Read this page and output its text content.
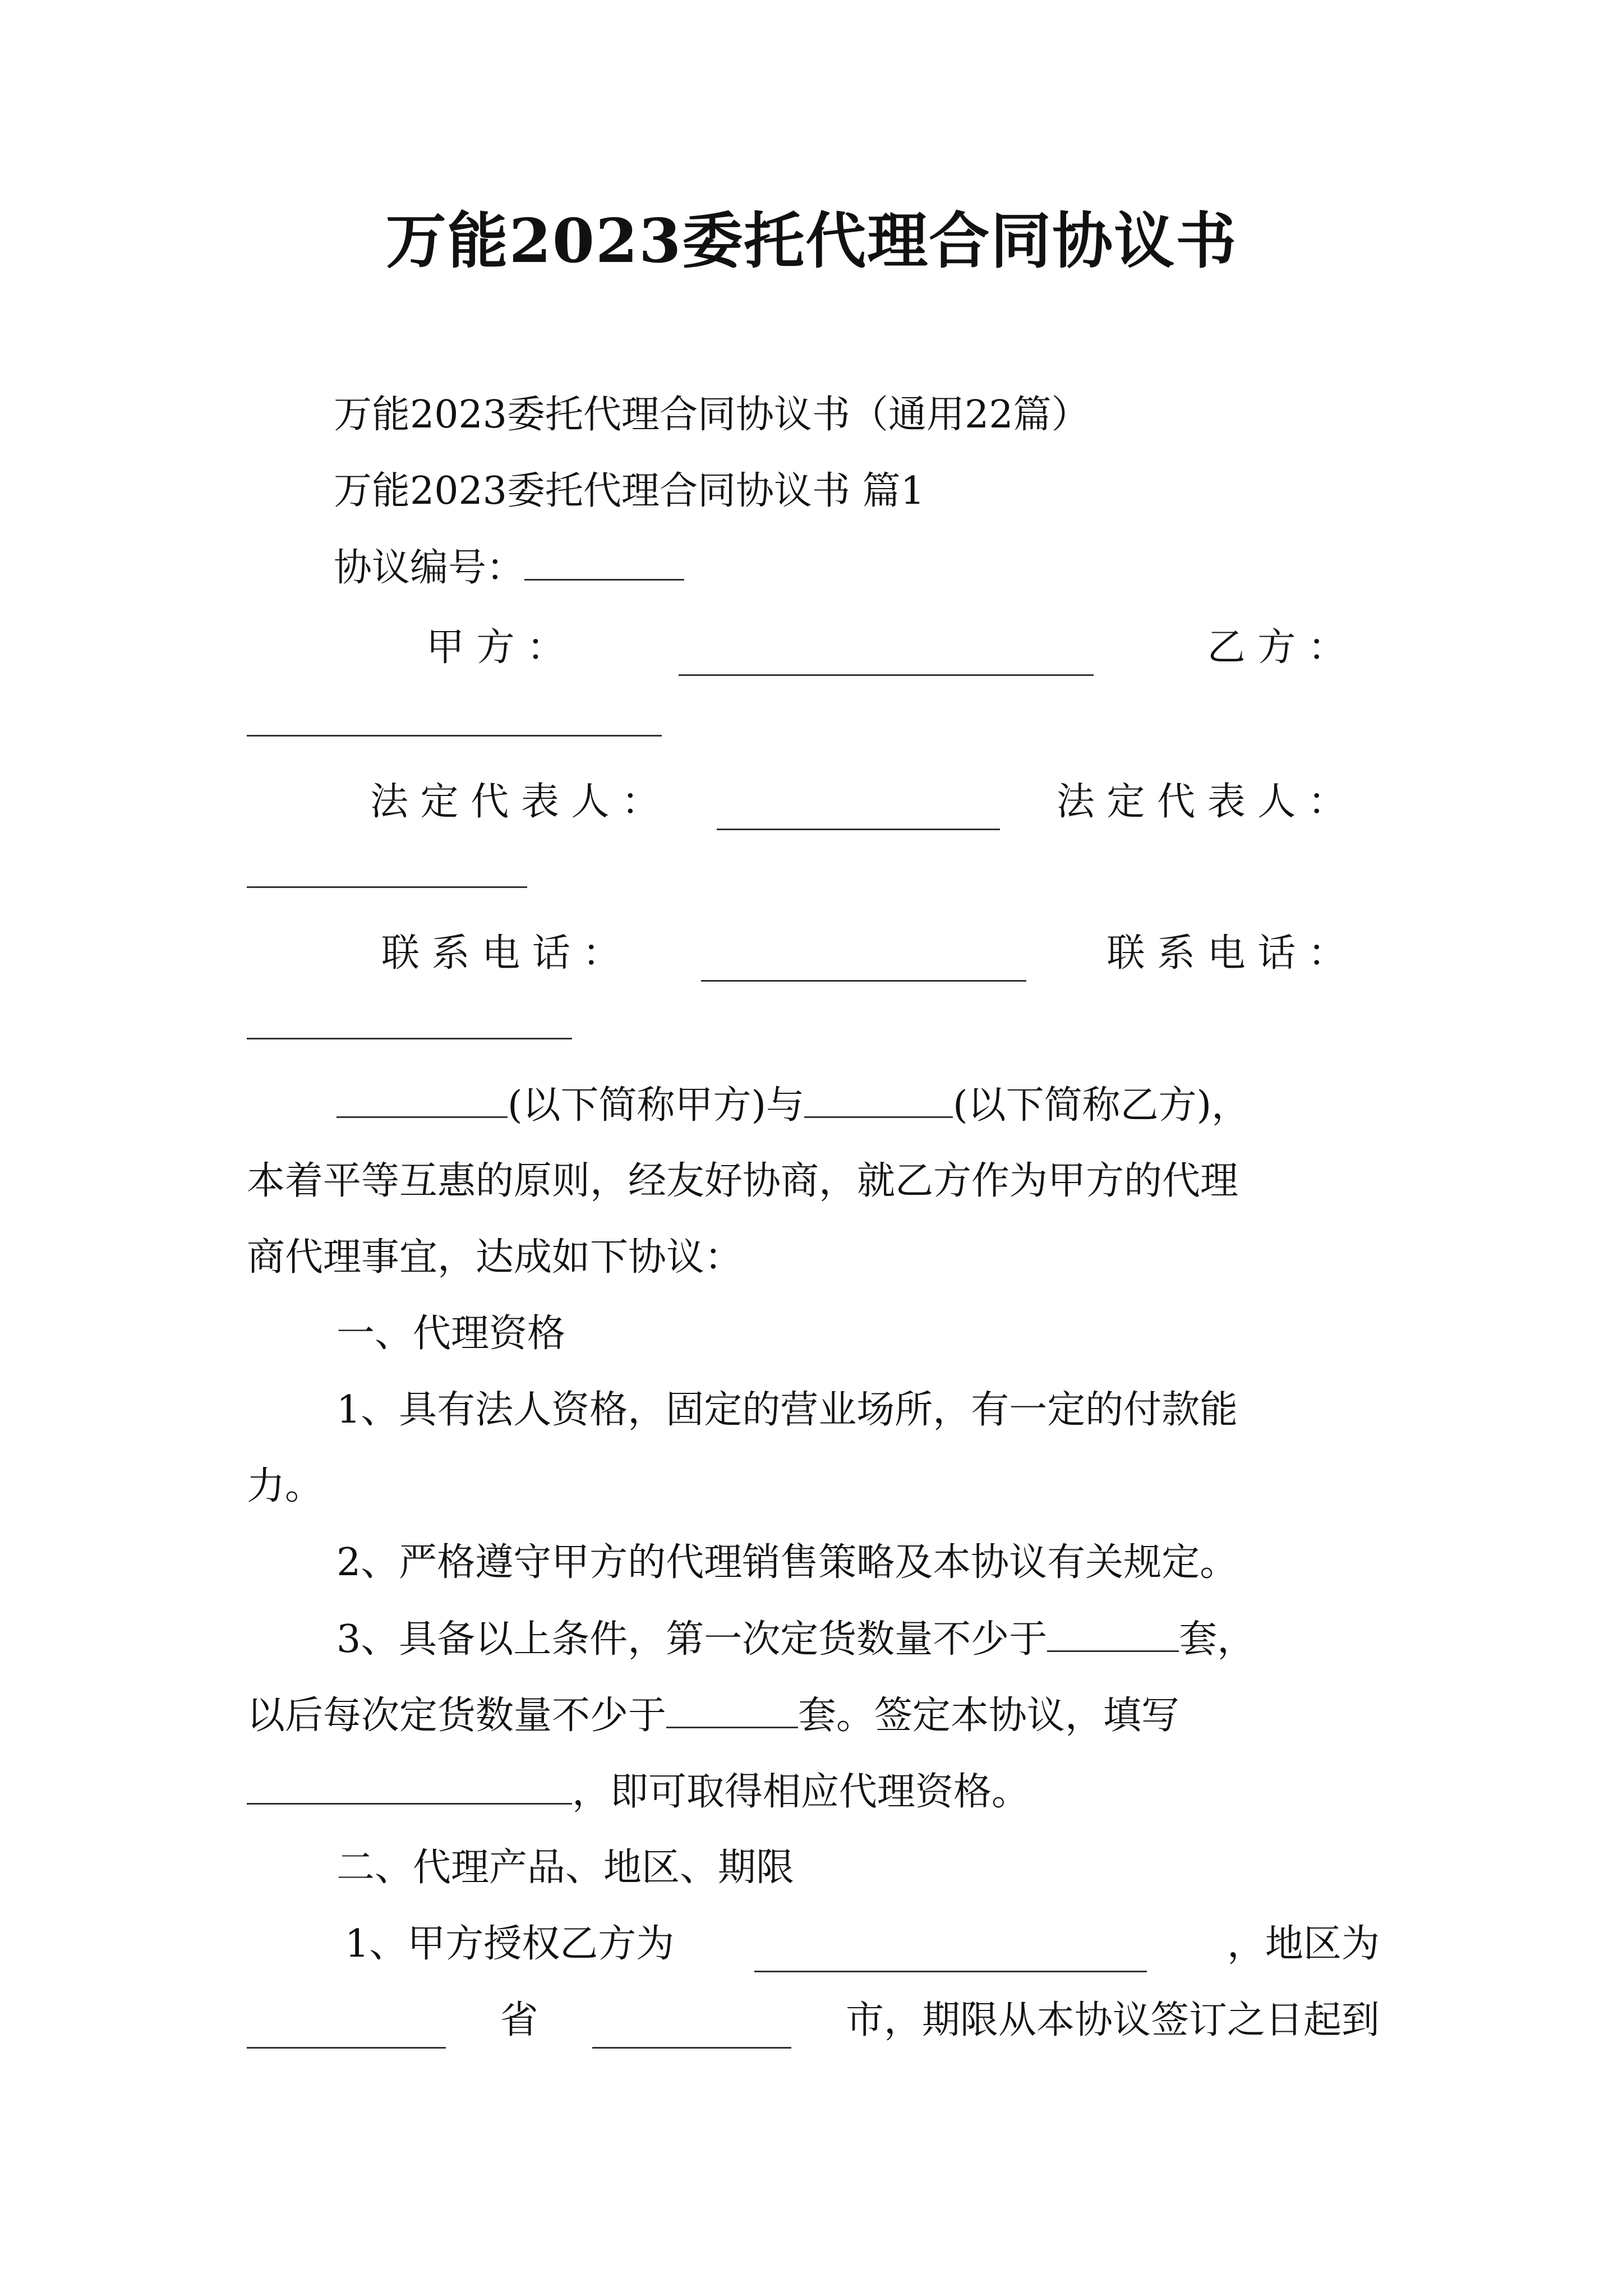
万能2023委托代理合同协议书
万能2023委托代理合同协议书（通用22篇）
万能2023委托代理合同协议书 篇1
协议编号：
甲 方 ：	乙 方 ：
法 定 代 表 人 ：	法 定 代 表 人 ：
联 系 电 话 ：	联 系 电 话 ：
(以下简称甲方)与	(以下简称乙方)，
本着平等互惠的原则，经友好协商，就乙方作为甲方的代理
商代理事宜，达成如下协议：
一、代理资格
1、具有法人资格，固定的营业场所，有一定的付款能
力。
2、严格遵守甲方的代理销售策略及本协议有关规定。
3、具备以上条件，第一次定货数量不少于	套，
以后每次定货数量不少于	套。签定本协议，填写
，即可取得相应代理资格。
二、代理产品、地区、期限
1、甲方授权乙方为	，地区为
省	市，期限从本协议签订之日起到
